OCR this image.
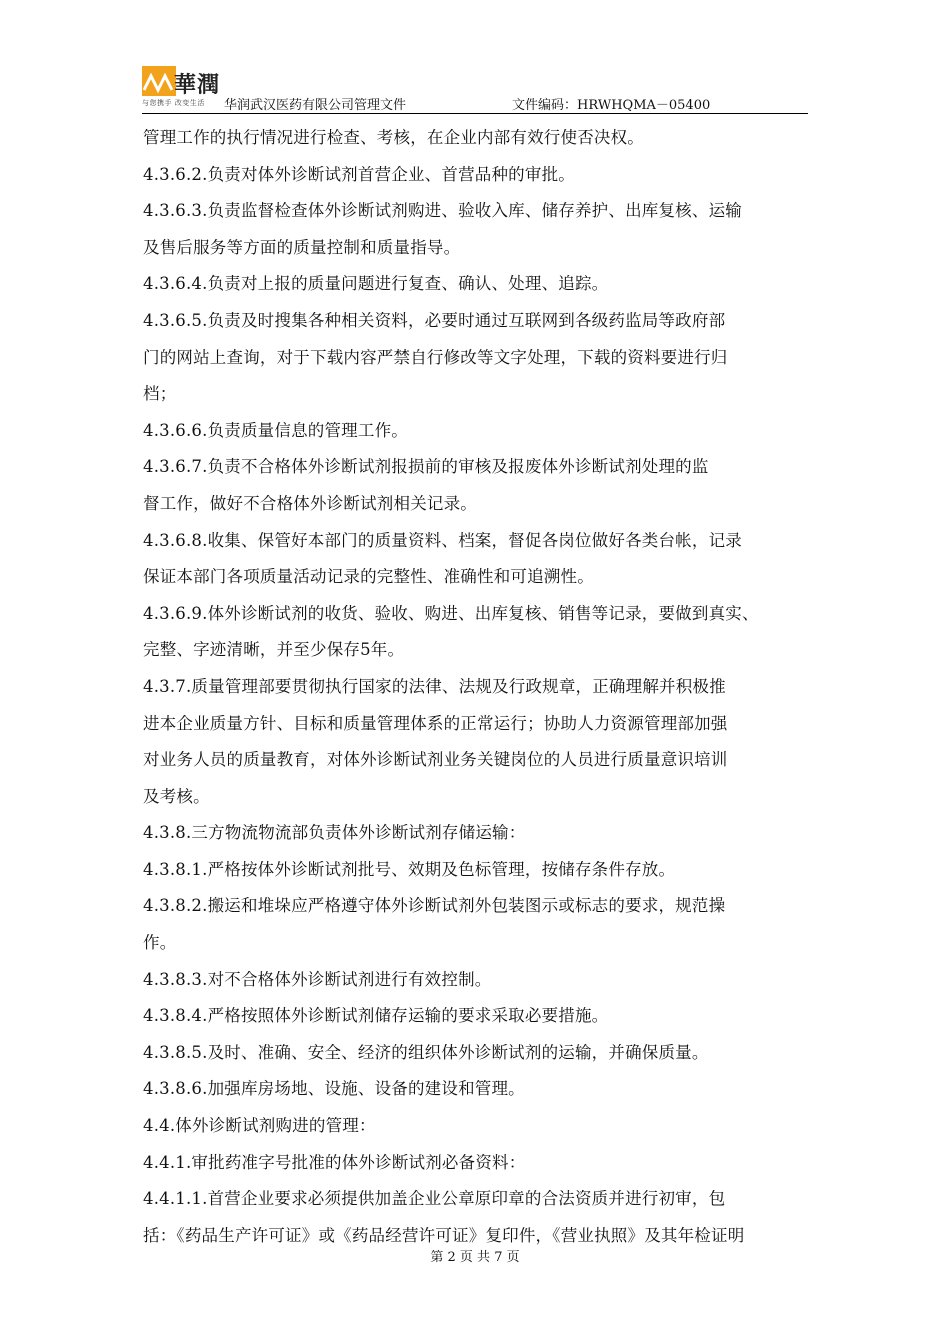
華潤
与您携手 改变生活 华润武汉医药有限公司管理文件	文件编码：HRWHQMA－05400

管理工作的执行情况进行检查、考核，在企业内部有效行使否决权。

4.3.6.2.负责对体外诊断试剂首营企业、首营品种的审批。

4.3.6.3.负责监督检查体外诊断试剂购进、验收入库、储存养护、出库复核、运输

及售后服务等方面的质量控制和质量指导。

4.3.6.4.负责对上报的质量问题进行复查、确认、处理、追踪。

4.3.6.5.负责及时搜集各种相关资料，必要时通过互联网到各级药监局等政府部

门的网站上查询，对于下载内容严禁自行修改等文字处理，下载的资料要进行归

档；

4.3.6.6.负责质量信息的管理工作。

4.3.6.7.负责不合格体外诊断试剂报损前的审核及报废体外诊断试剂处理的监

督工作，做好不合格体外诊断试剂相关记录。

4.3.6.8.收集、保管好本部门的质量资料、档案，督促各岗位做好各类台帐，记录

保证本部门各项质量活动记录的完整性、准确性和可追溯性。

4.3.6.9.体外诊断试剂的收货、验收、购进、出库复核、销售等记录，要做到真实、

完整、字迹清晰，并至少保存5年。

4.3.7.质量管理部要贯彻执行国家的法律、法规及行政规章，正确理解并积极推

进本企业质量方针、目标和质量管理体系的正常运行；协助人力资源管理部加强

对业务人员的质量教育，对体外诊断试剂业务关键岗位的人员进行质量意识培训

及考核。

4.3.8.三方物流物流部负责体外诊断试剂存储运输：

4.3.8.1.严格按体外诊断试剂批号、效期及色标管理，按储存条件存放。

4.3.8.2.搬运和堆垛应严格遵守体外诊断试剂外包装图示或标志的要求，规范操

作。

4.3.8.3.对不合格体外诊断试剂进行有效控制。

4.3.8.4.严格按照体外诊断试剂储存运输的要求采取必要措施。

4.3.8.5.及时、准确、安全、经济的组织体外诊断试剂的运输，并确保质量。

4.3.8.6.加强库房场地、设施、设备的建设和管理。

4.4.体外诊断试剂购进的管理：

4.4.1.审批药准字号批准的体外诊断试剂必备资料：

4.4.1.1.首营企业要求必须提供加盖企业公章原印章的合法资质并进行初审，包

括：《药品生产许可证》或《药品经营许可证》复印件，《营业执照》及其年检证明

第 2 页 共 7 页
